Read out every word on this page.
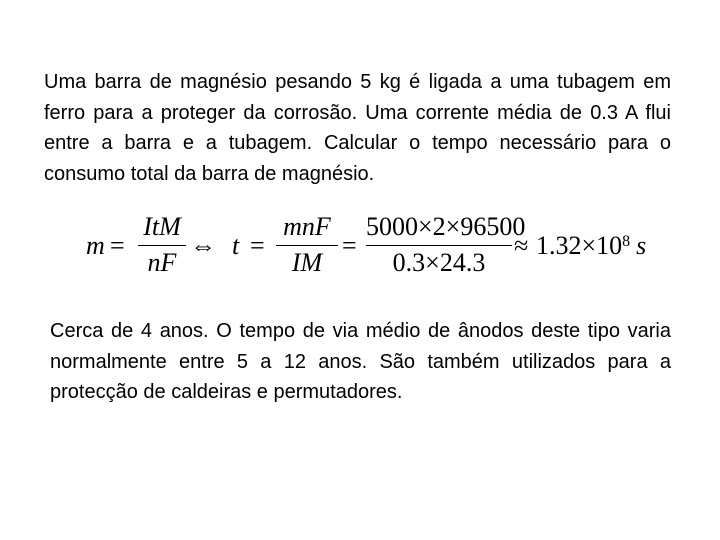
Uma barra de magnésio pesando 5 kg é ligada a uma tubagem em ferro para a proteger da corrosão. Uma corrente média de 0.3 A flui entre a barra e a tubagem. Calcular o tempo necessário para o consumo total da barra de magnésio.

m =
ItM
nF
⇔ t =
mnF
IM
=
5000×2×96500
0.3×24.3
≈ $1.32\times 10^8$ s

Cerca de 4 anos. O tempo de via médio de ânodos deste tipo varia normalmente entre 5 a 12 anos. São também utilizados para a protecção de caldeiras e permutadores.
